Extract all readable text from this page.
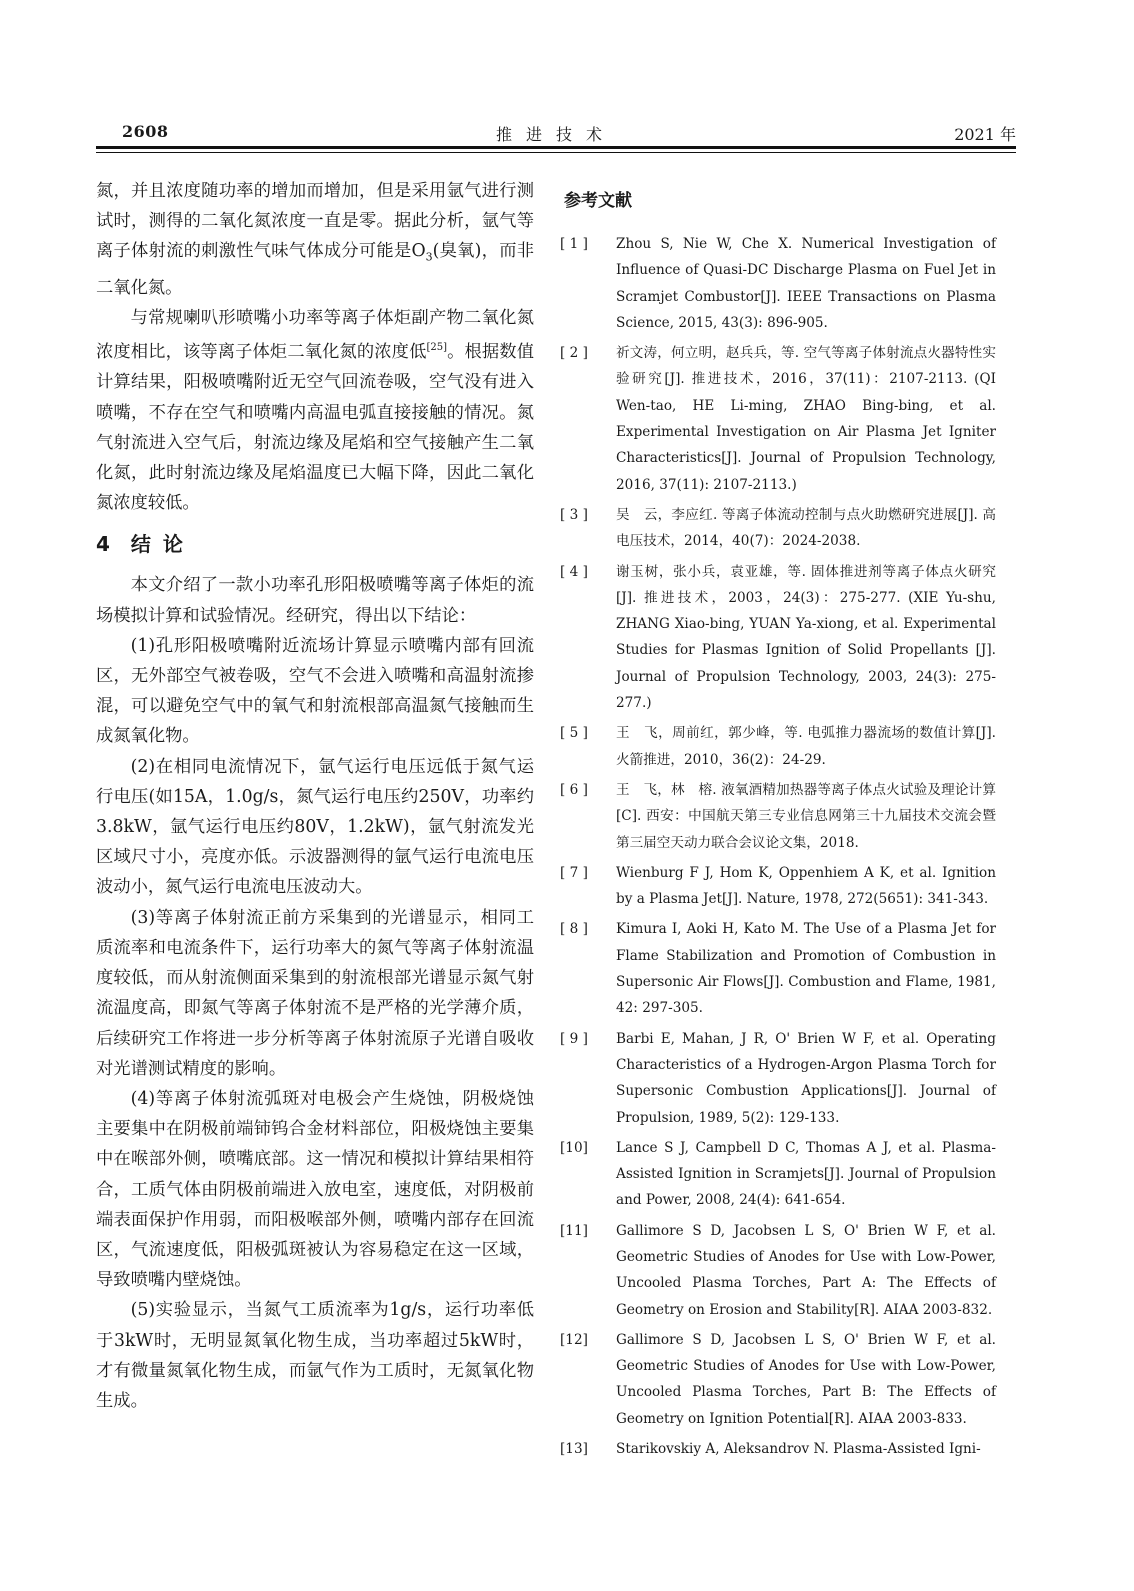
2608	推进技术	2021 年

氮，并且浓度随功率的增加而增加，但是采用氩气进行测试时，测得的二氧化氮浓度一直是零。据此分析，氩气等离子体射流的刺激性气味气体成分可能是$O_3$(臭氧)，而非二氧化氮。

与常规喇叭形喷嘴小功率等离子体炬副产物二氧化氮浓度相比，该等离子体炬二氧化氮的浓度低[25]。根据数值计算结果，阳极喷嘴附近无空气回流卷吸，空气没有进入喷嘴，不存在空气和喷嘴内高温电弧直接接触的情况。氮气射流进入空气后，射流边缘及尾焰和空气接触产生二氧化氮，此时射流边缘及尾焰温度已大幅下降，因此二氧化氮浓度较低。

4 结论

本文介绍了一款小功率孔形阳极喷嘴等离子体炬的流场模拟计算和试验情况。经研究，得出以下结论：

(1)孔形阳极喷嘴附近流场计算显示喷嘴内部有回流区，无外部空气被卷吸，空气不会进入喷嘴和高温射流掺混，可以避免空气中的氧气和射流根部高温氮气接触而生成氮氧化物。

(2)在相同电流情况下，氩气运行电压远低于氮气运行电压(如15A，1.0g/s，氮气运行电压约250V，功率约3.8kW，氩气运行电压约80V，1.2kW)，氩气射流发光区域尺寸小，亮度亦低。示波器测得的氩气运行电流电压波动小，氮气运行电流电压波动大。

(3)等离子体射流正前方采集到的光谱显示，相同工质流率和电流条件下，运行功率大的氮气等离子体射流温度较低，而从射流侧面采集到的射流根部光谱显示氮气射流温度高，即氮气等离子体射流不是严格的光学薄介质，后续研究工作将进一步分析等离子体射流原子光谱自吸收对光谱测试精度的影响。

(4)等离子体射流弧斑对电极会产生烧蚀，阴极烧蚀主要集中在阴极前端铈钨合金材料部位，阳极烧蚀主要集中在喉部外侧，喷嘴底部。这一情况和模拟计算结果相符合，工质气体由阴极前端进入放电室，速度低，对阴极前端表面保护作用弱，而阳极喉部外侧，喷嘴内部存在回流区，气流速度低，阳极弧斑被认为容易稳定在这一区域，导致喷嘴内壁烧蚀。

(5)实验显示，当氮气工质流率为1g/s，运行功率低于3kW时，无明显氮氧化物生成，当功率超过5kW时，才有微量氮氧化物生成，而氩气作为工质时，无氮氧化物生成。

参考文献
[ 1 ]	Zhou S, Nie W, Che X. Numerical Investigation of Influence of Quasi-DC Discharge Plasma on Fuel Jet in Scramjet Combustor[J]. IEEE Transactions on Plasma Science, 2015, 43(3): 896-905.
[ 2 ]	祈文涛，何立明，赵兵兵，等. 空气等离子体射流点火器特性实验研究[J]. 推进技术，2016，37(11)：2107-2113. (QI Wen-tao, HE Li-ming, ZHAO Bing-bing, et al. Experimental Investigation on Air Plasma Jet Igniter Characteristics[J]. Journal of Propulsion Technology, 2016, 37(11): 2107-2113.)
[ 3 ]	吴　云，李应红. 等离子体流动控制与点火助燃研究进展[J]. 高电压技术，2014，40(7)：2024-2038.
[ 4 ]	谢玉树，张小兵，袁亚雄，等. 固体推进剂等离子体点火研究[J]. 推进技术，2003，24(3)：275-277. (XIE Yu-shu, ZHANG Xiao-bing, YUAN Ya-xiong, et al. Experimental Studies for Plasmas Ignition of Solid Propellants [J]. Journal of Propulsion Technology, 2003, 24(3): 275-277.)
[ 5 ]	王　飞，周前红，郭少峰，等. 电弧推力器流场的数值计算[J]. 火箭推进，2010，36(2)：24-29.
[ 6 ]	王　飞，林　榕. 液氧酒精加热器等离子体点火试验及理论计算[C]. 西安：中国航天第三专业信息网第三十九届技术交流会暨第三届空天动力联合会议论文集，2018.
[ 7 ]	Wienburg F J, Hom K, Oppenhiem A K, et al. Ignition by a Plasma Jet[J]. Nature, 1978, 272(5651): 341-343.
[ 8 ]	Kimura I, Aoki H, Kato M. The Use of a Plasma Jet for Flame Stabilization and Promotion of Combustion in Supersonic Air Flows[J]. Combustion and Flame, 1981, 42: 297-305.
[ 9 ]	Barbi E, Mahan, J R, O' Brien W F, et al. Operating Characteristics of a Hydrogen-Argon Plasma Torch for Supersonic Combustion Applications[J]. Journal of Propulsion, 1989, 5(2): 129-133.
[10]	Lance S J, Campbell D C, Thomas A J, et al. Plasma-Assisted Ignition in Scramjets[J]. Journal of Propulsion and Power, 2008, 24(4): 641-654.
[11]	Gallimore S D, Jacobsen L S, O' Brien W F, et al. Geometric Studies of Anodes for Use with Low-Power, Uncooled Plasma Torches, Part A: The Effects of Geometry on Erosion and Stability[R]. AIAA 2003-832.
[12]	Gallimore S D, Jacobsen L S, O' Brien W F, et al. Geometric Studies of Anodes for Use with Low-Power, Uncooled Plasma Torches, Part B: The Effects of Geometry on Ignition Potential[R]. AIAA 2003-833.
[13]	Starikovskiy A, Aleksandrov N. Plasma-Assisted Igni-
